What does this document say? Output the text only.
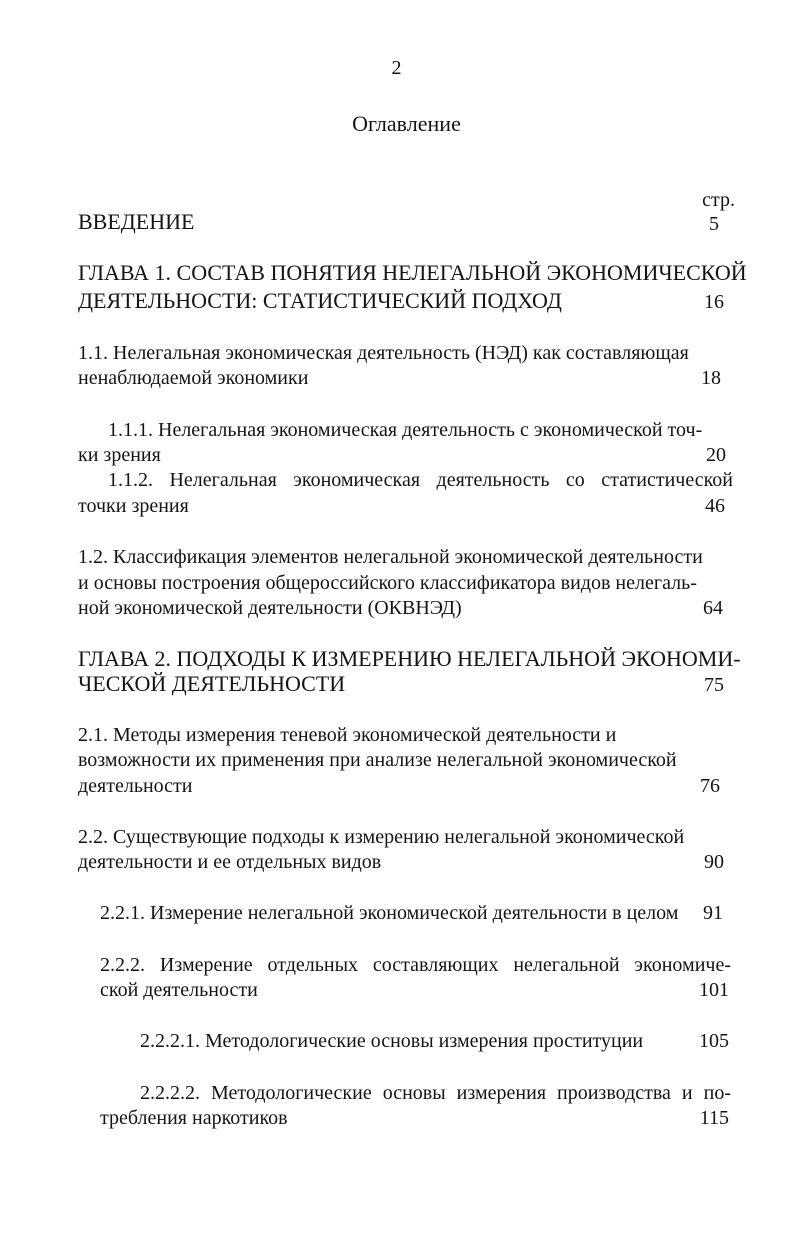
2
Оглавление
стр.
ВВЕДЕНИЕ	5
ГЛАВА 1. СОСТАВ ПОНЯТИЯ НЕЛЕГАЛЬНОЙ ЭКОНОМИЧЕСКОЙ
ДЕЯТЕЛЬНОСТИ: СТАТИСТИЧЕСКИЙ ПОДХОД	16
1.1. Нелегальная экономическая деятельность (НЭД) как составляющая
ненаблюдаемой экономики	18
1.1.1. Нелегальная экономическая деятельность с экономической точ-
ки зрения	20
1.1.2. Нелегальная экономическая деятельность со статистической
точки зрения	46
1.2. Классификация элементов нелегальной экономической деятельности
и основы построения общероссийского классификатора видов нелегаль-
ной экономической деятельности (ОКВНЭД)	64
ГЛАВА 2. ПОДХОДЫ К ИЗМЕРЕНИЮ НЕЛЕГАЛЬНОЙ ЭКОНОМИ-
ЧЕСКОЙ ДЕЯТЕЛЬНОСТИ	75
2.1. Методы измерения теневой экономической деятельности и
возможности их применения при анализе нелегальной экономической
деятельности	76
2.2. Существующие подходы к измерению нелегальной экономической
деятельности и ее отдельных видов	90
2.2.1. Измерение нелегальной экономической деятельности в целом	91
2.2.2. Измерение отдельных составляющих нелегальной экономиче-
ской деятельности	101
2.2.2.1. Методологические основы измерения проституции	105
2.2.2.2. Методологические основы измерения производства и по-
требления наркотиков	115
